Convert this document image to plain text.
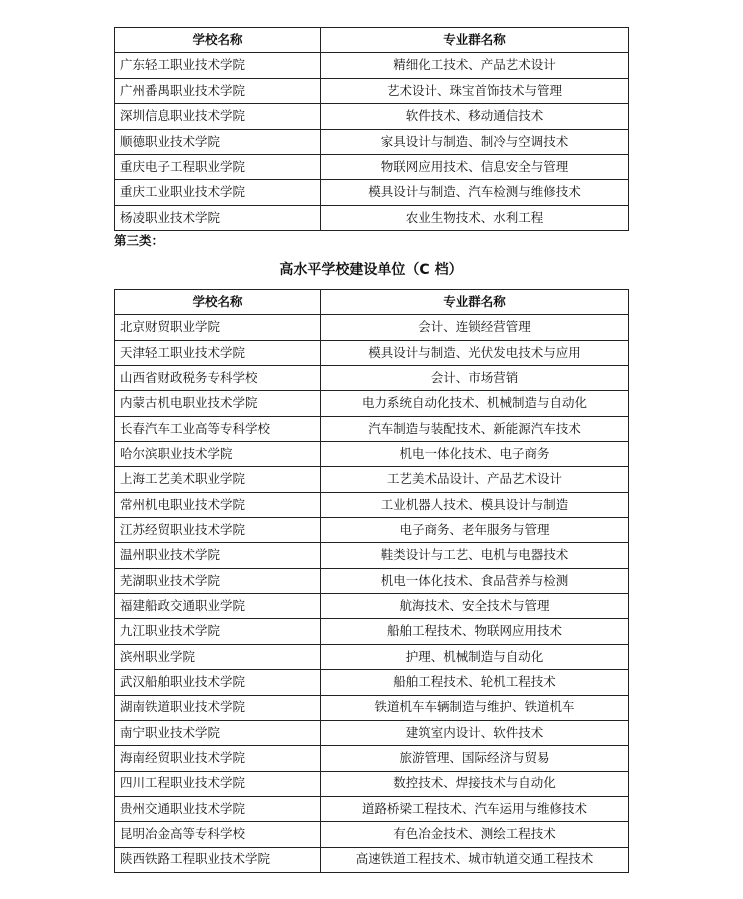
学校名称	专业群名称
广东轻工职业技术学院	精细化工技术、产品艺术设计
广州番禺职业技术学院	艺术设计、珠宝首饰技术与管理
深圳信息职业技术学院	软件技术、移动通信技术
顺德职业技术学院	家具设计与制造、制冷与空调技术
重庆电子工程职业学院	物联网应用技术、信息安全与管理
重庆工业职业技术学院	模具设计与制造、汽车检测与维修技术
杨凌职业技术学院	农业生物技术、水利工程
第三类：
高水平学校建设单位（C 档）
学校名称	专业群名称
北京财贸职业学院	会计、连锁经营管理
天津轻工职业技术学院	模具设计与制造、光伏发电技术与应用
山西省财政税务专科学校	会计、市场营销
内蒙古机电职业技术学院	电力系统自动化技术、机械制造与自动化
长春汽车工业高等专科学校	汽车制造与装配技术、新能源汽车技术
哈尔滨职业技术学院	机电一体化技术、电子商务
上海工艺美术职业学院	工艺美术品设计、产品艺术设计
常州机电职业技术学院	工业机器人技术、模具设计与制造
江苏经贸职业技术学院	电子商务、老年服务与管理
温州职业技术学院	鞋类设计与工艺、电机与电器技术
芜湖职业技术学院	机电一体化技术、食品营养与检测
福建船政交通职业学院	航海技术、安全技术与管理
九江职业技术学院	船舶工程技术、物联网应用技术
滨州职业学院	护理、机械制造与自动化
武汉船舶职业技术学院	船舶工程技术、轮机工程技术
湖南铁道职业技术学院	铁道机车车辆制造与维护、铁道机车
南宁职业技术学院	建筑室内设计、软件技术
海南经贸职业技术学院	旅游管理、国际经济与贸易
四川工程职业技术学院	数控技术、焊接技术与自动化
贵州交通职业技术学院	道路桥梁工程技术、汽车运用与维修技术
昆明冶金高等专科学校	有色冶金技术、测绘工程技术
陕西铁路工程职业技术学院	高速铁道工程技术、城市轨道交通工程技术
